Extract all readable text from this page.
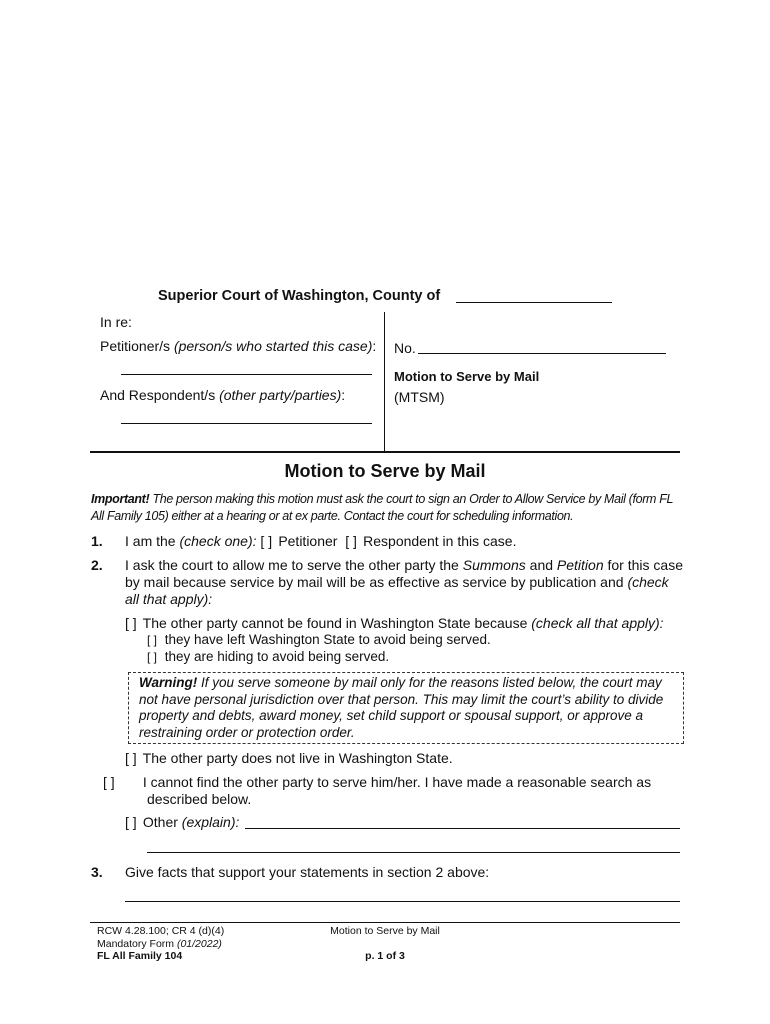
Superior Court of Washington, County of
In re:
Petitioner/s (person/s who started this case):
And Respondent/s (other party/parties):
No.
Motion to Serve by Mail
(MTSM)
Motion to Serve by Mail
Important! The person making this motion must ask the court to sign an Order to Allow Service by Mail (form FL All Family 105) either at a hearing or at ex parte. Contact the court for scheduling information.
1. I am the (check one): [ ] Petitioner [ ] Respondent in this case.
2. I ask the court to allow me to serve the other party the Summons and Petition for this case by mail because service by mail will be as effective as service by publication and (check all that apply):
[ ] The other party cannot be found in Washington State because (check all that apply):
[ ] they have left Washington State to avoid being served.
[ ] they are hiding to avoid being served.
Warning! If you serve someone by mail only for the reasons listed below, the court may not have personal jurisdiction over that person. This may limit the court’s ability to divide property and debts, award money, set child support or spousal support, or approve a restraining order or protection order.
[ ] The other party does not live in Washington State.
[ ] I cannot find the other party to serve him/her. I have made a reasonable search as described below.
[ ] Other (explain):
3. Give facts that support your statements in section 2 above:
RCW 4.28.100; CR 4 (d)(4)
Mandatory Form (01/2022)
FL All Family 104
Motion to Serve by Mail
p. 1 of 3
